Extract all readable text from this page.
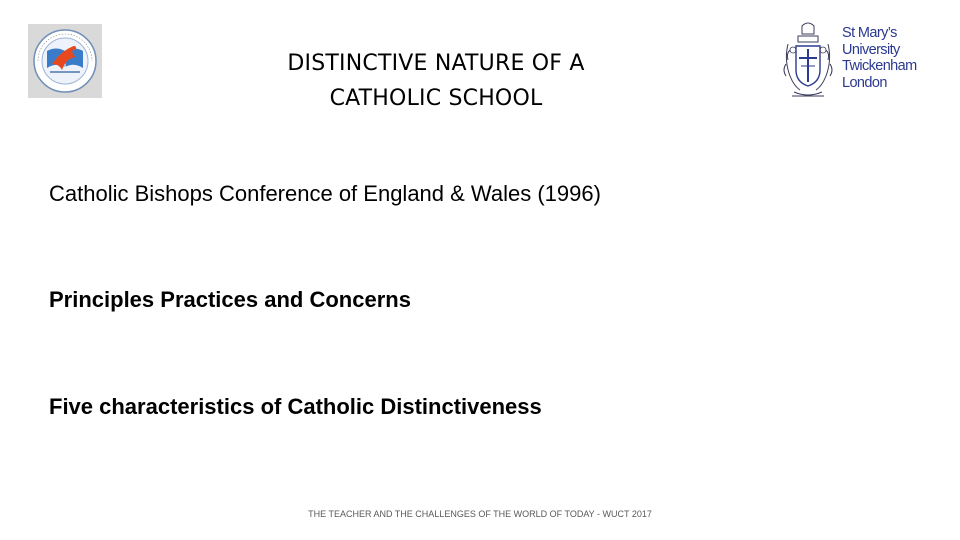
DISTINCTIVE NATURE OF A
CATHOLIC SCHOOL
St Mary’s
University
Twickenham
London
Catholic Bishops Conference of England & Wales (1996)
Principles Practices and Concerns
Five characteristics of Catholic Distinctiveness
THE TEACHER AND THE CHALLENGES OF THE WORLD OF TODAY - WUCT 2017
